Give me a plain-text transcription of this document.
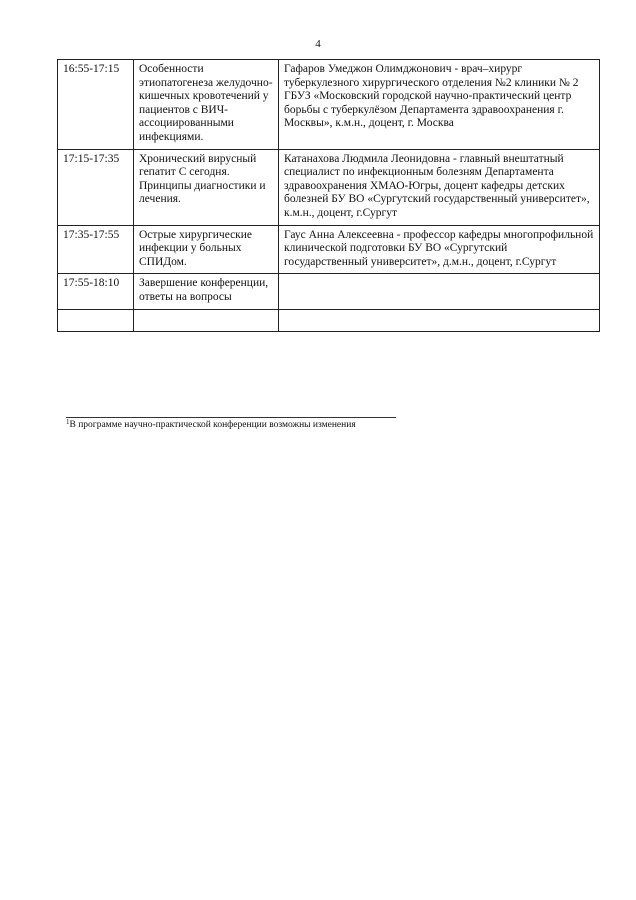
4
16:55-17:15	Особенности этиопатогенеза желудочно-кишечных кровотечений у пациентов с ВИЧ-ассоциированными инфекциями.	Гафаров Умеджон Олимджонович - врач–хирург туберкулезного хирургического отделения №2 клиники № 2 ГБУЗ «Московский городской научно-практический центр борьбы с туберкулёзом Департамента здравоохранения г. Москвы», к.м.н., доцент, г. Москва
17:15-17:35	Хронический вирусный гепатит С сегодня. Принципы диагностики и лечения.	Катанахова Людмила Леонидовна - главный внештатный специалист по инфекционным болезням Департамента здравоохранения ХМАО-Югры, доцент кафедры детских болезней БУ ВО «Сургутский государственный университет», к.м.н., доцент, г.Сургут
17:35-17:55	Острые хирургические инфекции у больных СПИДом.	Гаус Анна Алексеевна - профессор кафедры многопрофильной клинической подготовки БУ ВО «Сургутский государственный университет», д.м.н., доцент, г.Сургут
17:55-18:10	Завершение конференции, ответы на вопросы	

$^1$В программе научно-практической конференции возможны изменения
